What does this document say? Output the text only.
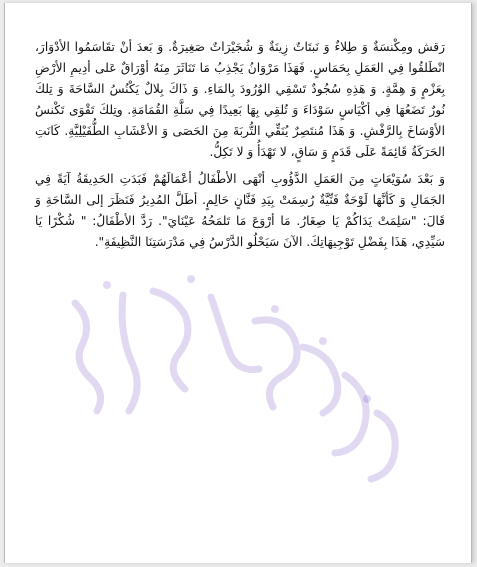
رَقش ومِكْنسَةٌ وَ طِلاءٌ وَ نَبتَاتٌ زِينَةٌ وَ شُجَيْرَاتٌ صَغِيرَةٌ. وَ بَعدَ أنْ تقَاسَمُوا الأدْوَارَ، انْطَلقُوا فِي العَمَلِ بِحَمَاسٍ. فَهَذَا مَرْوَانُ يَجْذِبُ مَا تَنَاثَرَ مِنَهُ أوْرَاقٌ عَلى أدِيمِ الأرْضِ بِعَزْمٍ وَ هِمَّةٍ. وَ هَذِهِ سُجُودٌ تَسْقِي الوُرُودَ بِالمَاءِ. وَ ذَاكَ بِلالٌ يَكْنُسُ السَّاحَةَ وَ تِلكَ نُورٌ تَضَعُهَا فِي أكْيَاسٍ سَوْدَاءَ وَ تُلقِي بِهَا بَعِيدًا فِي سَلَّةِ القُمَامَةِ. وتِلكَ تَقْوَى تَكْنسُ الأوْسَاخَ بِالرَّفْشِ. وَ هَذَا مُنتَصِرٌ يُنَقِّي التُّربَةَ مِنَ الحَصَى وَ الأعْشَابِ الطُّفَيْلِيَّةِ. كَانَتِ الحَرَكَةُ قَائِمَةً عَلَى قَدَمٍ وَ سَاقٍ، لا تَهْدَأُ وَ لا تَكِلُّ.

وَ بَعْدَ سُوَيْعَاتٍ مِنَ العَمَلِ الدَّؤُوبِ أنْهَى الأطْفَالُ أعْمَالَهُمْ فَبَدَتِ الحَدِيقَةُ آيَةً فِي الجَمَالِ وَ كَأنَّهَا لَوْحَةٌ فَنِّيَّةٌ رُسِمَتْ بِيَدِ فَنَّانٍ حَالِمٍ. أطَلَّ المُدِيرُ فَنَظَرَ إلى السَّاحَةِ وَ قَالَ: "سَلِمَتْ يَدَاكُمْ يَا صِغَارُ. مَا أرْوَعَ مَا تَلمَحُهُ عَيْنَايَ". رَدَّ الأطْفَالُ: " شُكْرًا يَا سَيِّدِي، هَذَا بِفَضْلِ تَوْجِيهَاتِكَ. الآنَ سَيَحْلُو الدَّرْسُ فِي مَدْرَسَتِنَا النَّظِيفَةِ".
